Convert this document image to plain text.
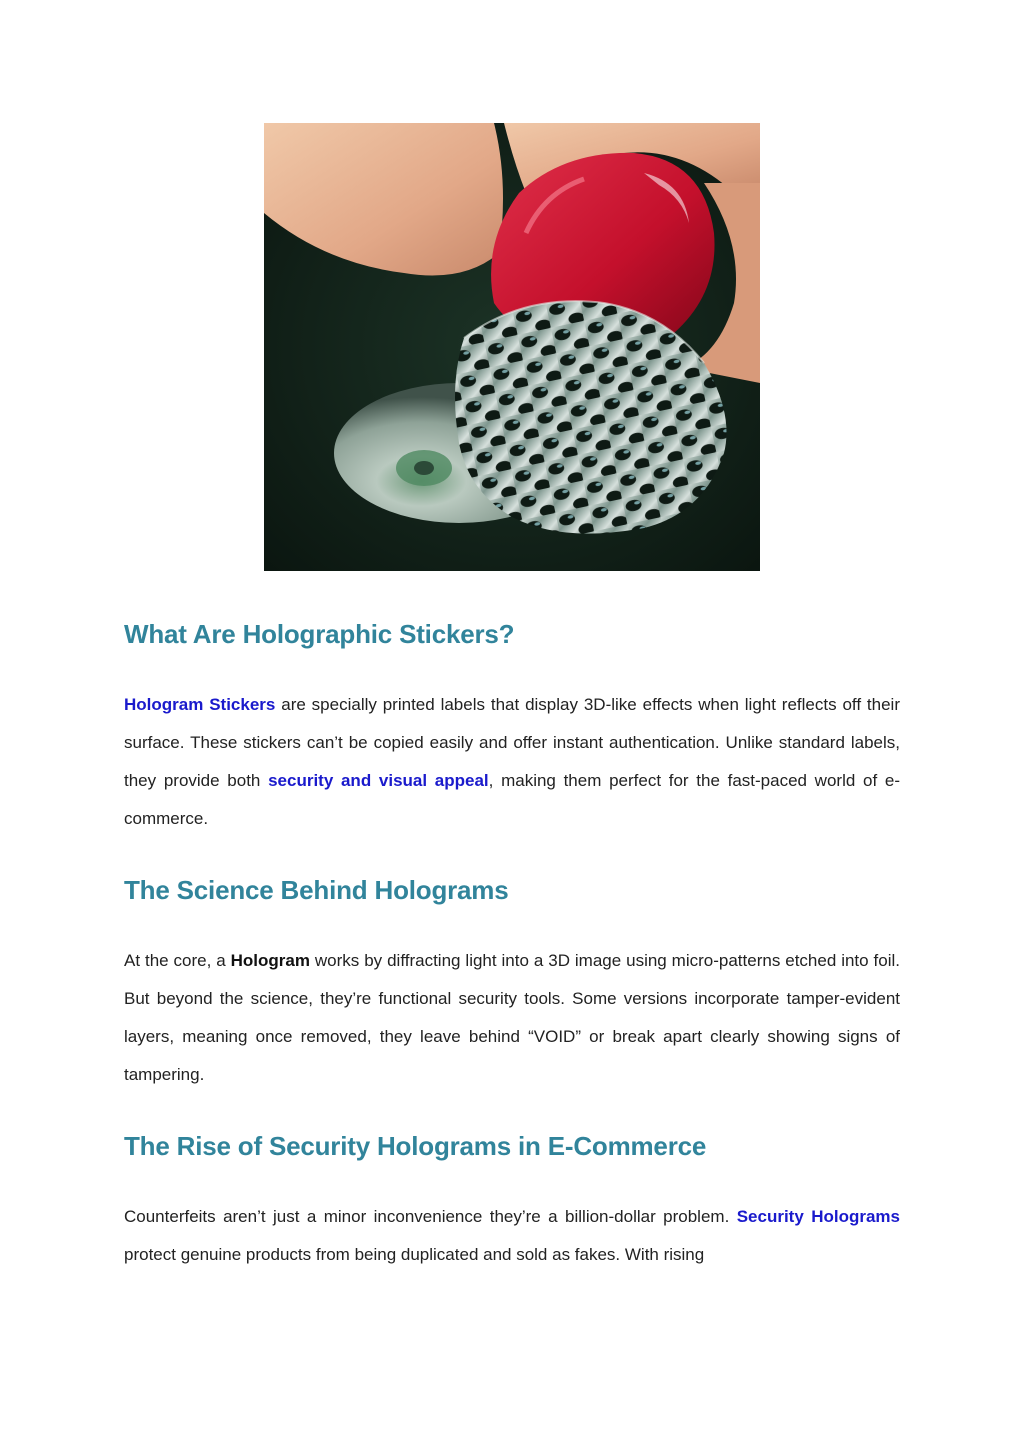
What Are Holographic Stickers?

Hologram Stickers are specially printed labels that display 3D-like effects when light reflects off their surface. These stickers can’t be copied easily and offer instant authentication. Unlike standard labels, they provide both security and visual appeal, making them perfect for the fast-paced world of e-commerce.

The Science Behind Holograms

At the core, a Hologram works by diffracting light into a 3D image using micro-patterns etched into foil. But beyond the science, they’re functional security tools. Some versions incorporate tamper-evident layers, meaning once removed, they leave behind “VOID” or break apart clearly showing signs of tampering.

The Rise of Security Holograms in E-Commerce

Counterfeits aren’t just a minor inconvenience they’re a billion-dollar problem. Security Holograms protect genuine products from being duplicated and sold as fakes. With rising
